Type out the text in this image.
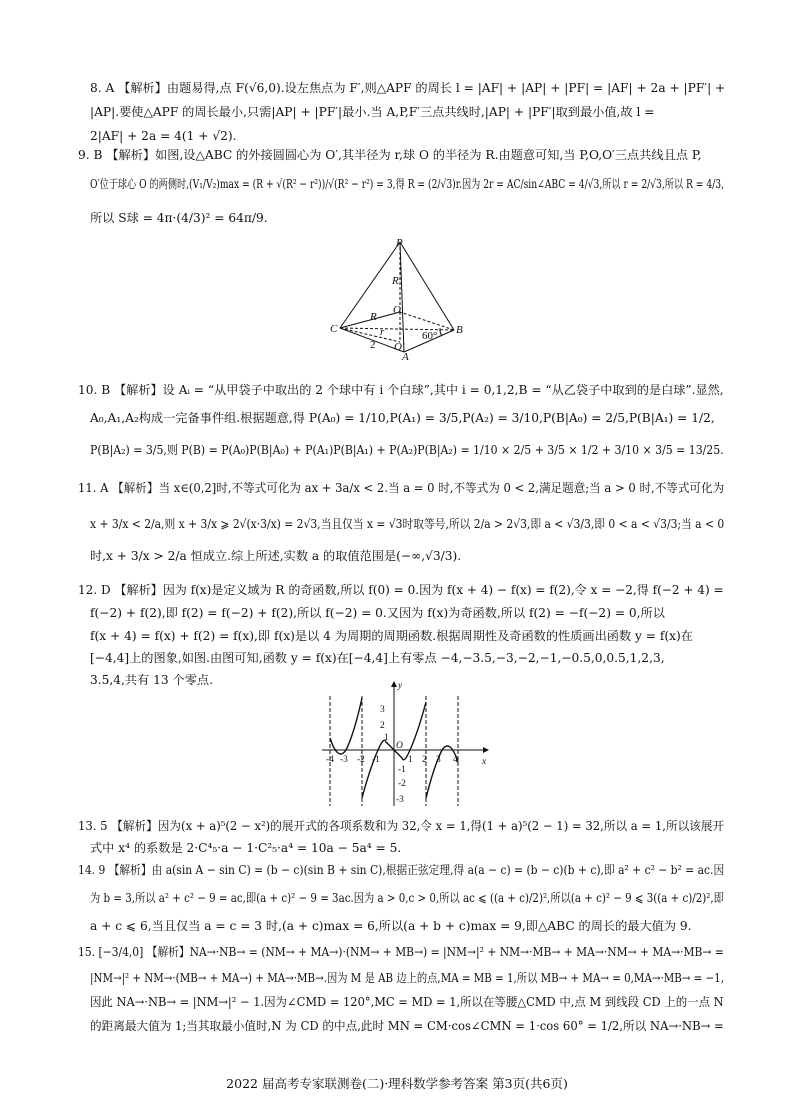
8. A 【解析】由题易得,点 F(√6,0).设左焦点为 F′,则△APF 的周长 l = |AF| + |AP| + |PF| = |AF| + 2a + |PF′| +
|AP|.要使△APF 的周长最小,只需|AP| + |PF′|最小.当 A,P,F′三点共线时,|AP| + |PF′|取到最小值,故 l =
2|AF| + 2a = 4(1 + √2).
9. B 【解析】如图,设△ABC 的外接圆圆心为 O′,其半径为 r,球 O 的半径为 R.由题意可知,当 P,O,O′三点共线且点 P,
O′位于球心 O 的两侧时,(V₁/V₂)max = (R + √(R² − r²))/√(R² − r²) = 3,得 R = (2/√3)r.因为 2r = AC/sin∠ABC = 4/√3,所以 r = 2/√3,所以 R = 4/3,
所以 S球 = 4π·(4/3)² = 64π/9.
P
R
O
R
r
C	B
60°
2 O′
A
10. B 【解析】设 Aᵢ = “从甲袋子中取出的 2 个球中有 i 个白球”,其中 i = 0,1,2,B = “从乙袋子中取到的是白球”.显然,
A₀,A₁,A₂构成一完备事件组.根据题意,得 P(A₀) = 1/10,P(A₁) = 3/5,P(A₂) = 3/10,P(B|A₀) = 2/5,P(B|A₁) = 1/2,
P(B|A₂) = 3/5,则 P(B) = P(A₀)P(B|A₀) + P(A₁)P(B|A₁) + P(A₂)P(B|A₂) = 1/10 × 2/5 + 3/5 × 1/2 + 3/10 × 3/5 = 13/25.
11. A 【解析】当 x∈(0,2]时,不等式可化为 ax + 3a/x < 2.当 a = 0 时,不等式为 0 < 2,满足题意;当 a > 0 时,不等式可化为
x + 3/x < 2/a,则 x + 3/x ⩾ 2√(x·3/x) = 2√3,当且仅当 x = √3时取等号,所以 2/a > 2√3,即 a < √3/3,即 0 < a < √3/3;当 a < 0
时,x + 3/x > 2/a 恒成立.综上所述,实数 a 的取值范围是(−∞,√3/3).
12. D 【解析】因为 f(x)是定义域为 R 的奇函数,所以 f(0) = 0.因为 f(x + 4) − f(x) = f(2),令 x = −2,得 f(−2 + 4) =
f(−2) + f(2),即 f(2) = f(−2) + f(2),所以 f(−2) = 0.又因为 f(x)为奇函数,所以 f(2) = −f(−2) = 0,所以
f(x + 4) = f(x) + f(2) = f(x),即 f(x)是以 4 为周期的周期函数.根据周期性及奇函数的性质画出函数 y = f(x)在
[−4,4]上的图象,如图.由图可知,函数 y = f(x)在[−4,4]上有零点 −4,−3.5,−3,−2,−1,−0.5,0,0.5,1,2,3,
3.5,4,共有 13 个零点.	y
x
-4 -3 -2 -1
O
1 2 3 4
3
2
1
-1
-2
-3
13. 5 【解析】因为(x + a)⁵(2 − x²)的展开式的各项系数和为 32,令 x = 1,得(1 + a)⁵(2 − 1) = 32,所以 a = 1,所以该展开
式中 x⁴ 的系数是 2·C⁴₅·a − 1·C²₅·a⁴ = 10a − 5a⁴ = 5.
14. 9 【解析】由 a(sin A − sin C) = (b − c)(sin B + sin C),根据正弦定理,得 a(a − c) = (b − c)(b + c),即 a² + c² − b² = ac.因
为 b = 3,所以 a² + c² − 9 = ac,即(a + c)² − 9 = 3ac.因为 a > 0,c > 0,所以 ac ⩽ ((a + c)/2)²,所以(a + c)² − 9 ⩽ 3((a + c)/2)²,即
a + c ⩽ 6,当且仅当 a = c = 3 时,(a + c)max = 6,所以(a + b + c)max = 9,即△ABC 的周长的最大值为 9.
15. [−3/4,0] 【解析】NA→·NB→ = (NM→ + MA→)·(NM→ + MB→) = |NM→|² + NM→·MB→ + MA→·NM→ + MA→·MB→ =
|NM→|² + NM→·(MB→ + MA→) + MA→·MB→.因为 M 是 AB 边上的点,MA = MB = 1,所以 MB→ + MA→ = 0,MA→·MB→ = −1,
因此 NA→·NB→ = |NM→|² − 1.因为∠CMD = 120°,MC = MD = 1,所以在等腰△CMD 中,点 M 到线段 CD 上的一点 N
的距离最大值为 1;当其取最小值时,N 为 CD 的中点,此时 MN = CM·cos∠CMN = 1·cos 60° = 1/2,所以 NA→·NB→ =
2022 届高考专家联测卷(二)·理科数学参考答案 第3页(共6页)
